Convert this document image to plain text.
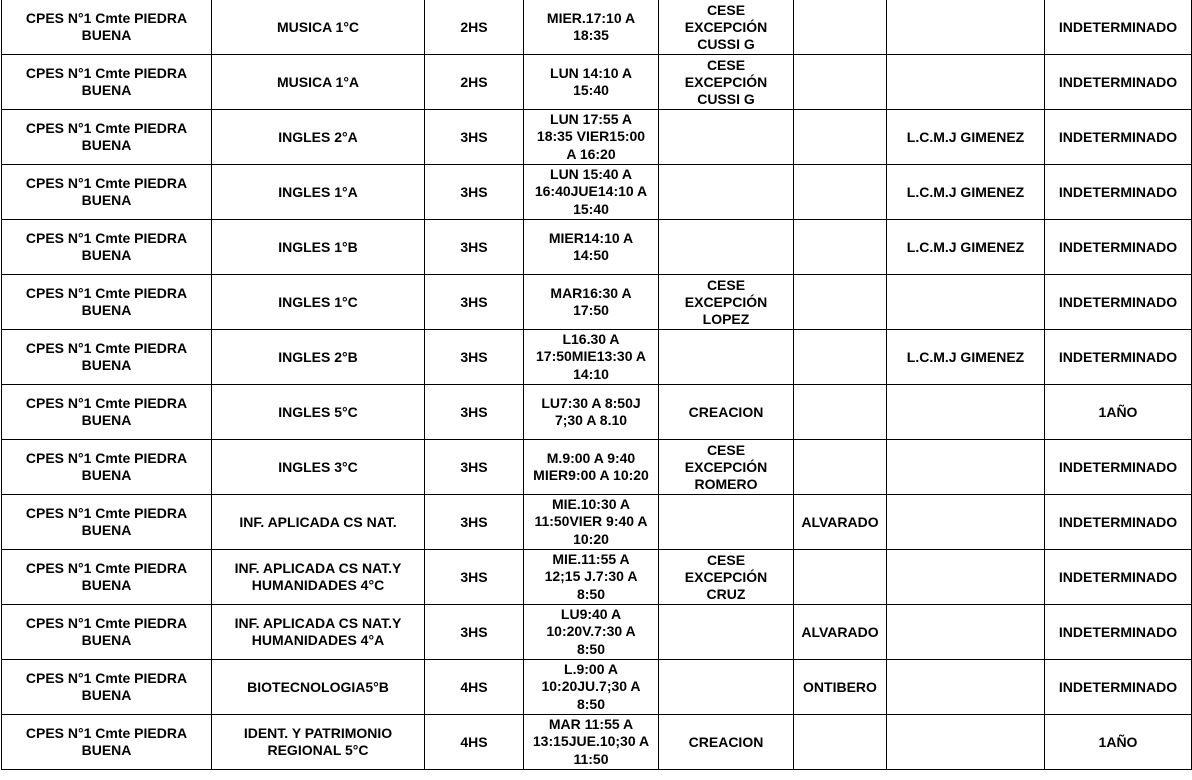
CPES N°1 Cmte PIEDRA
BUENA	MUSICA 1°C	2HS	MIER.17:10 A
18:35	CESE
EXCEPCIÓN
CUSSI G			INDETERMINADO
CPES N°1 Cmte PIEDRA
BUENA	MUSICA 1°A	2HS	LUN 14:10 A
15:40	CESE
EXCEPCIÓN
CUSSI G			INDETERMINADO
CPES N°1 Cmte PIEDRA
BUENA	INGLES 2°A	3HS	LUN 17:55 A
18:35 VIER15:00
A 16:20			L.C.M.J GIMENEZ	INDETERMINADO
CPES N°1 Cmte PIEDRA
BUENA	INGLES 1°A	3HS	LUN 15:40 A
16:40JUE14:10 A
15:40			L.C.M.J GIMENEZ	INDETERMINADO
CPES N°1 Cmte PIEDRA
BUENA	INGLES 1°B	3HS	MIER14:10 A
14:50			L.C.M.J GIMENEZ	INDETERMINADO
CPES N°1 Cmte PIEDRA
BUENA	INGLES 1°C	3HS	MAR16:30 A
17:50	CESE
EXCEPCIÓN
LOPEZ			INDETERMINADO
CPES N°1 Cmte PIEDRA
BUENA	INGLES 2°B	3HS	L16.30 A
17:50MIE13:30 A
14:10			L.C.M.J GIMENEZ	INDETERMINADO
CPES N°1 Cmte PIEDRA
BUENA	INGLES 5°C	3HS	LU7:30 A 8:50J
7;30 A 8.10	CREACION			1AÑO
CPES N°1 Cmte PIEDRA
BUENA	INGLES 3°C	3HS	M.9:00 A 9:40
MIER9:00 A 10:20	CESE
EXCEPCIÓN
ROMERO			INDETERMINADO
CPES N°1 Cmte PIEDRA
BUENA	INF. APLICADA CS NAT.	3HS	MIE.10:30 A
11:50VIER 9:40 A
10:20		ALVARADO		INDETERMINADO
CPES N°1 Cmte PIEDRA
BUENA	INF. APLICADA CS NAT.Y
HUMANIDADES 4°C	3HS	MIE.11:55 A
12;15 J.7:30 A
8:50	CESE
EXCEPCIÓN
CRUZ			INDETERMINADO
CPES N°1 Cmte PIEDRA
BUENA	INF. APLICADA CS NAT.Y
HUMANIDADES 4°A	3HS	LU9:40 A
10:20V.7:30 A
8:50		ALVARADO		INDETERMINADO
CPES N°1 Cmte PIEDRA
BUENA	BIOTECNOLOGIA5°B	4HS	L.9:00 A
10:20JU.7;30 A
8:50		ONTIBERO		INDETERMINADO
CPES N°1 Cmte PIEDRA
BUENA	IDENT. Y PATRIMONIO
REGIONAL 5°C	4HS	MAR 11:55 A
13:15JUE.10;30 A
11:50	CREACION			1AÑO
